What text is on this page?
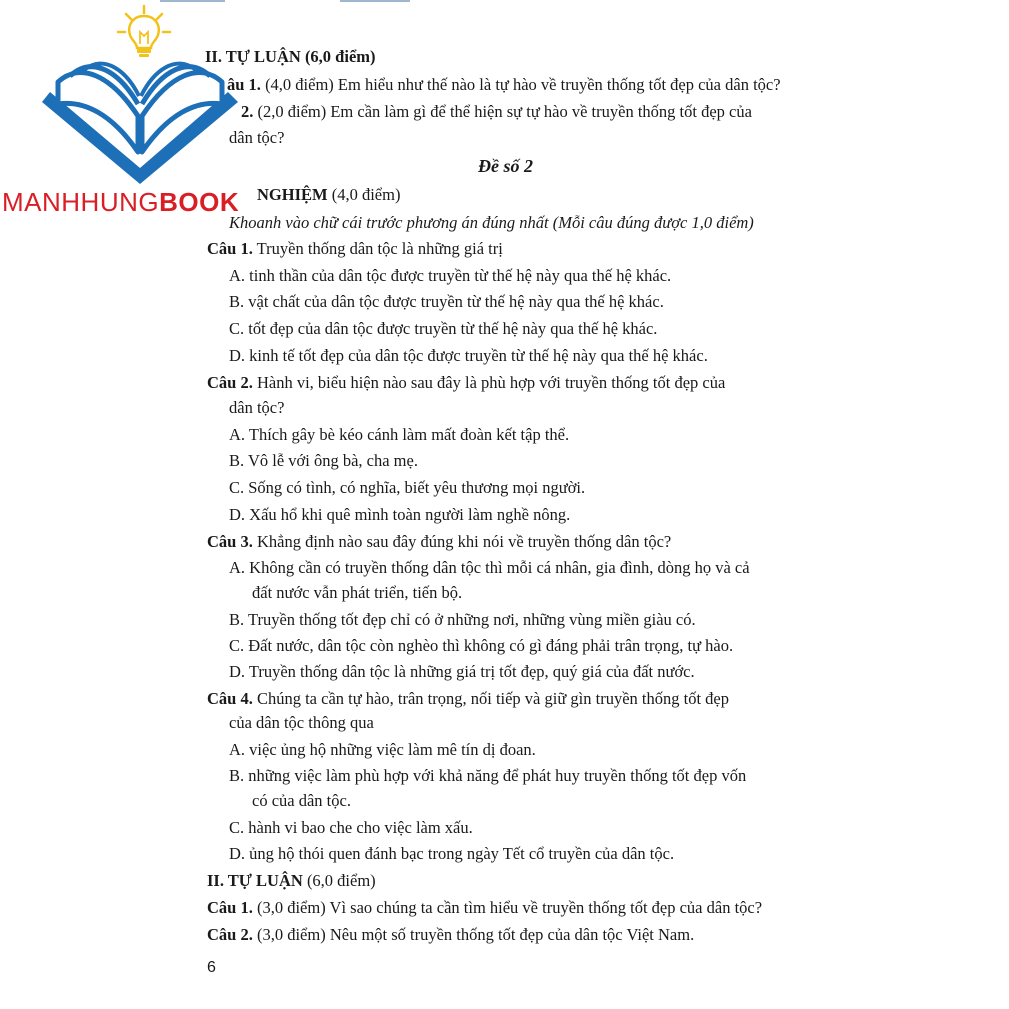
II. TỰ LUẬN (6,0 điểm)
âu 1. (4,0 điểm) Em hiểu như thế nào là tự hào về truyền thống tốt đẹp của dân tộc?
2. (2,0 điểm) Em cần làm gì để thể hiện sự tự hào về truyền thống tốt đẹp của
dân tộc?
Đề số 2
NGHIỆM (4,0 điểm)
Khoanh vào chữ cái trước phương án đúng nhất (Mỗi câu đúng được 1,0 điểm)
Câu 1. Truyền thống dân tộc là những giá trị
A. tinh thần của dân tộc được truyền từ thế hệ này qua thế hệ khác.
B. vật chất của dân tộc được truyền từ thế hệ này qua thế hệ khác.
C. tốt đẹp của dân tộc được truyền từ thế hệ này qua thế hệ khác.
D. kinh tế tốt đẹp của dân tộc được truyền từ thế hệ này qua thế hệ khác.
Câu 2. Hành vi, biểu hiện nào sau đây là phù hợp với truyền thống tốt đẹp của
dân tộc?
A. Thích gây bè kéo cánh làm mất đoàn kết tập thể.
B. Vô lễ với ông bà, cha mẹ.
C. Sống có tình, có nghĩa, biết yêu thương mọi người.
D. Xấu hổ khi quê mình toàn người làm nghề nông.
Câu 3. Khẳng định nào sau đây đúng khi nói về truyền thống dân tộc?
A. Không cần có truyền thống dân tộc thì mỗi cá nhân, gia đình, dòng họ và cả
đất nước vẫn phát triển, tiến bộ.
B. Truyền thống tốt đẹp chỉ có ở những nơi, những vùng miền giàu có.
C. Đất nước, dân tộc còn nghèo thì không có gì đáng phải trân trọng, tự hào.
D. Truyền thống dân tộc là những giá trị tốt đẹp, quý giá của đất nước.
Câu 4. Chúng ta cần tự hào, trân trọng, nối tiếp và giữ gìn truyền thống tốt đẹp
của dân tộc thông qua
A. việc ủng hộ những việc làm mê tín dị đoan.
B. những việc làm phù hợp với khả năng để phát huy truyền thống tốt đẹp vốn
có của dân tộc.
C. hành vi bao che cho việc làm xấu.
D. ủng hộ thói quen đánh bạc trong ngày Tết cổ truyền của dân tộc.
II. TỰ LUẬN (6,0 điểm)
Câu 1. (3,0 điểm) Vì sao chúng ta cần tìm hiểu về truyền thống tốt đẹp của dân tộc?
Câu 2. (3,0 điểm) Nêu một số truyền thống tốt đẹp của dân tộc Việt Nam.
6
MANHHUNGBOOK
